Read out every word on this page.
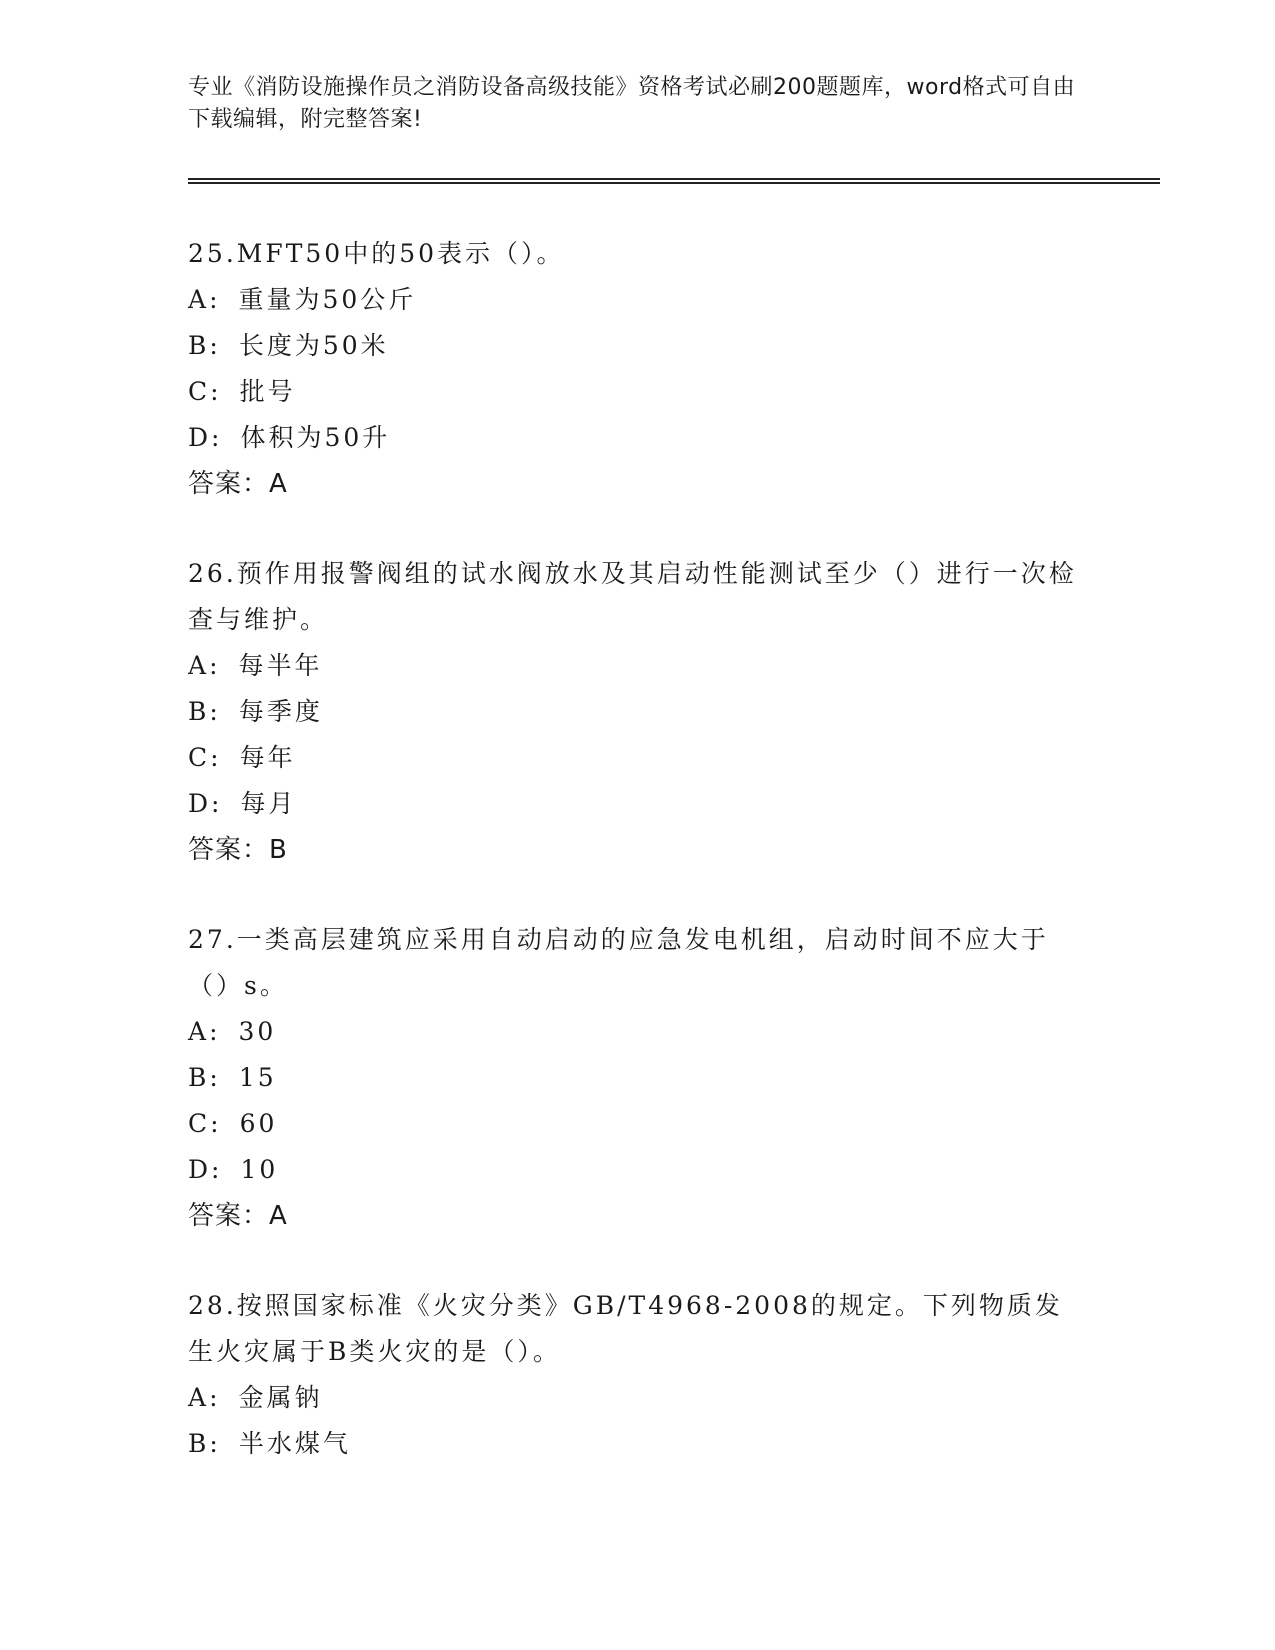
专业《消防设施操作员之消防设备高级技能》资格考试必刷200题题库，word格式可自由下载编辑，附完整答案!
25 . MFT50中的50表示（）。
A : 重量为50公斤
B : 长度为50米
C : 批号
D : 体积为50升
答案 ： A
26 . 预作用报警阀组的试水阀放水及其启动性能测试至少（）进行一次检查与维护。
A : 每半年
B : 每季度
C : 每年
D : 每月
答案 ： B
27 . 一类高层建筑应采用自动启动的应急发电机组，启动时间不应大于（）s。
A : 30
B : 15
C : 60
D : 10
答案 ： A
28 . 按照国家标准《火灾分类》GB/T4968-2008的规定。下列物质发生火灾属于B类火灾的是（）。
A : 金属钠
B : 半水煤气
